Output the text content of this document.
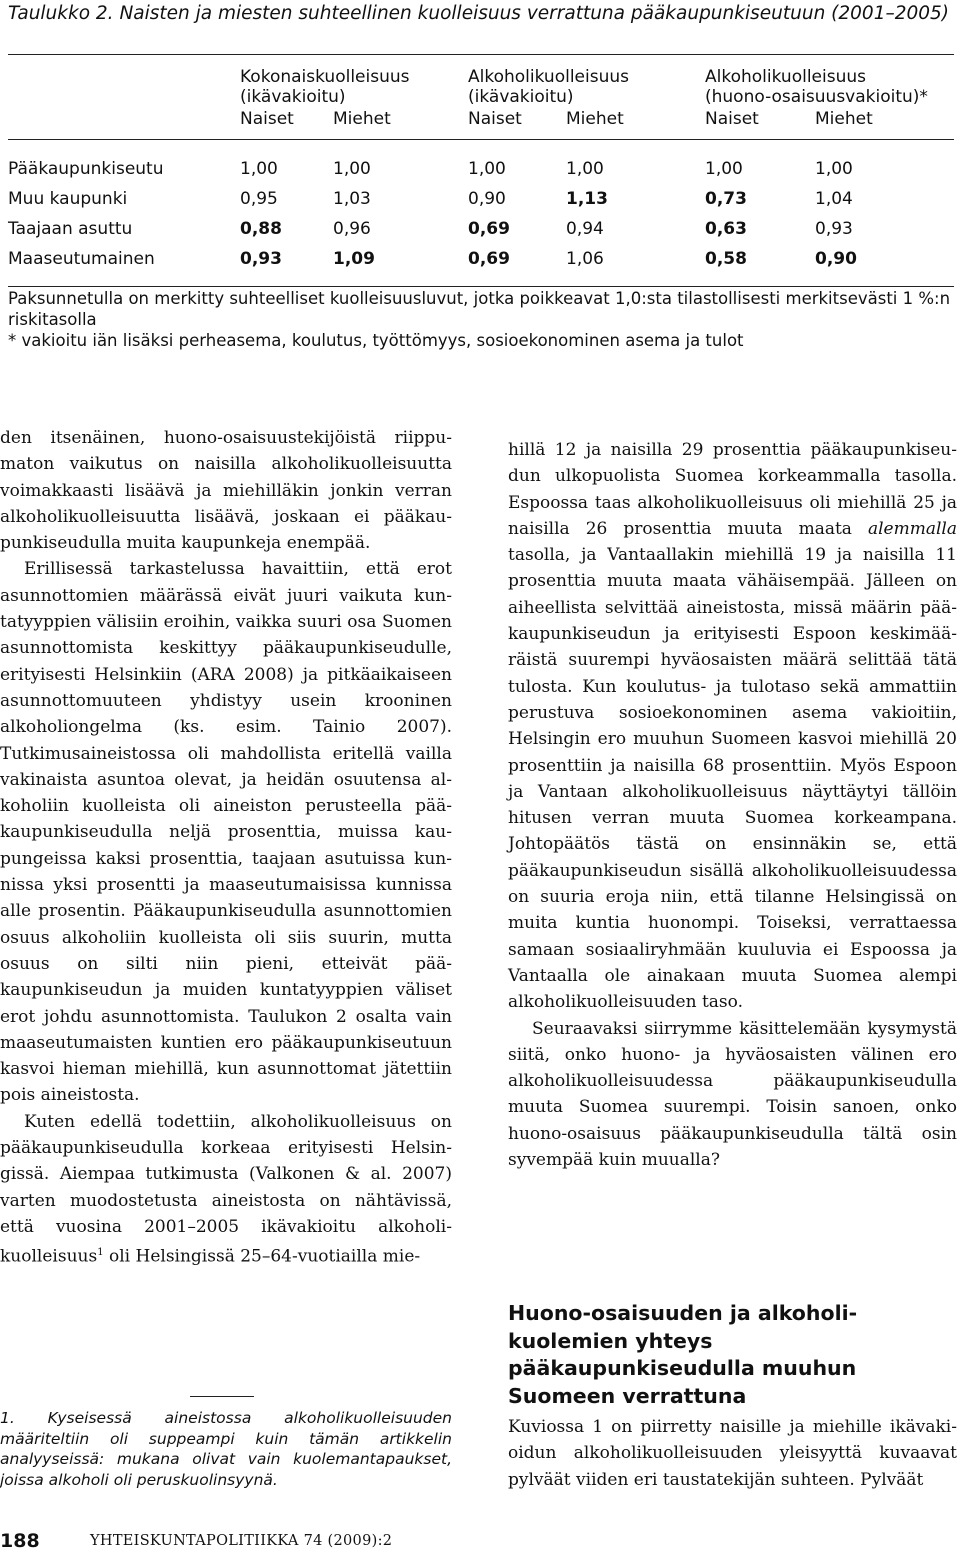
Taulukko 2. Naisten ja miesten suhteellinen kuolleisuus verrattuna pääkaupunkiseutuun (2001–2005)
	Kokonaiskuolleisuus
(ikävakioitu)		Alkoholikuolleisuus
(ikävakioitu)		Alkoholikuolleisuus
(huono-osaisuusvakioitu)*	
	Naiset	Miehet	Naiset	Miehet	Naiset	Miehet
Pääkaupunkiseutu	1,00	1,00	1,00	1,00	1,00	1,00
Muu kaupunki	0,95	1,03	0,90	1,13	0,73	1,04
Taajaan asuttu	0,88	0,96	0,69	0,94	0,63	0,93
Maaseutumainen	0,93	1,09	0,69	1,06	0,58	0,90

Paksunnetulla on merkitty suhteelliset kuolleisuusluvut, jotka poikkeavat 1,0:sta tilastollisesti merkitsevästi 1 %:n riskitasolla

* vakioitu iän lisäksi perheasema, koulutus, työttömyys, sosioekonominen asema ja tulot

den itsenäinen, huono-osaisuustekijöistä riippumaton vaikutus on naisilla alkoholikuolleisuutta voimakkaasti lisäävä ja miehilläkin jonkin verran alkoholikuolleisuutta lisäävä, joskaan ei pääkaupunkiseudulla muita kaupunkeja enempää.

Erillisessä tarkastelussa havaittiin, että erot asunnottomien määrässä eivät juuri vaikuta kuntatyyppien välisiin eroihin, vaikka suuri osa Suomen asunnottomista keskittyy pääkaupunkiseudulle, erityisesti Helsinkiin (ARA 2008) ja pitkäaikaiseen asunnottomuuteen yhdistyy usein krooninen alkoholiongelma (ks. esim. Tainio 2007). Tutkimusaineistossa oli mahdollista eritellä vailla vakinaista asuntoa olevat, ja heidän osuutensa alkoholiin kuolleista oli aineiston perusteella pääkaupunkiseudulla neljä prosenttia, muissa kaupungeissa kaksi prosenttia, taajaan asutuissa kunnissa yksi prosentti ja maaseutumaisissa kunnissa alle prosentin. Pääkaupunkiseudulla asunnottomien osuus alkoholiin kuolleista oli siis suurin, mutta osuus on silti niin pieni, etteivät pääkaupunkiseudun ja muiden kuntatyyppien väliset erot johdu asunnottomista. Taulukon 2 osalta vain maaseutumaisten kuntien ero pääkaupunkiseutuun kasvoi hieman miehillä, kun asunnottomat jätettiin pois aineistosta.

Kuten edellä todettiin, alkoholikuolleisuus on pääkaupunkiseudulla korkeaa erityisesti Helsingissä. Aiempaa tutkimusta (Valkonen & al. 2007) varten muodostetusta aineistosta on nähtävissä, että vuosina 2001–2005 ikävakioitu alkoholikuolleisuus$^1$ oli Helsingissä 25–64-vuotiailla mie-

1. Kyseisessä aineistossa alkoholikuolleisuuden määriteltiin oli suppeampi kuin tämän artikkelin analyyseissä: mukana olivat vain kuolemantapaukset, joissa alkoholi oli peruskuolinsyynä.

hillä 12 ja naisilla 29 prosenttia pääkaupunkiseudun ulkopuolista Suomea korkeammalla tasolla. Espoossa taas alkoholikuolleisuus oli miehillä 25 ja naisilla 26 prosenttia muuta maata alemmalla tasolla, ja Vantaallakin miehillä 19 ja naisilla 11 prosenttia muuta maata vähäisempää. Jälleen on aiheellista selvittää aineistosta, missä määrin pääkaupunkiseudun ja erityisesti Espoon keskimääräistä suurempi hyväosaisten määrä selittää tätä tulosta. Kun koulutus- ja tulotaso sekä ammattiin perustuva sosioekonominen asema vakioitiin, Helsingin ero muuhun Suomeen kasvoi miehillä 20 prosenttiin ja naisilla 68 prosenttiin. Myös Espoon ja Vantaan alkoholikuolleisuus näyttäytyi tällöin hitusen verran muuta Suomea korkeampana. Johtopäätös tästä on ensinnäkin se, että pääkaupunkiseudun sisällä alkoholikuolleisuudessa on suuria eroja niin, että tilanne Helsingissä on muita kuntia huonompi. Toiseksi, verrattaessa samaan sosiaaliryhmään kuuluvia ei Espoossa ja Vantaalla ole ainakaan muuta Suomea alempi alkoholikuolleisuuden taso.

Seuraavaksi siirrymme käsittelemään kysymystä siitä, onko huono- ja hyväosaisten välinen ero alkoholikuolleisuudessa pääkaupunkiseudulla muuta Suomea suurempi. Toisin sanoen, onko huono-osaisuus pääkaupunkiseudulla tältä osin syvempää kuin muualla?

Huono-osaisuuden ja alkoholikuolemien yhteys pääkaupunkiseudulla muuhun Suomeen verrattuna

Kuviossa 1 on piirretty naisille ja miehille ikävakioidun alkoholikuolleisuuden yleisyyttä kuvaavat pylväät viiden eri taustatekijän suhteen. Pylväät

188	YHTEISKUNTAPOLITIIKKA 74 (2009):2
